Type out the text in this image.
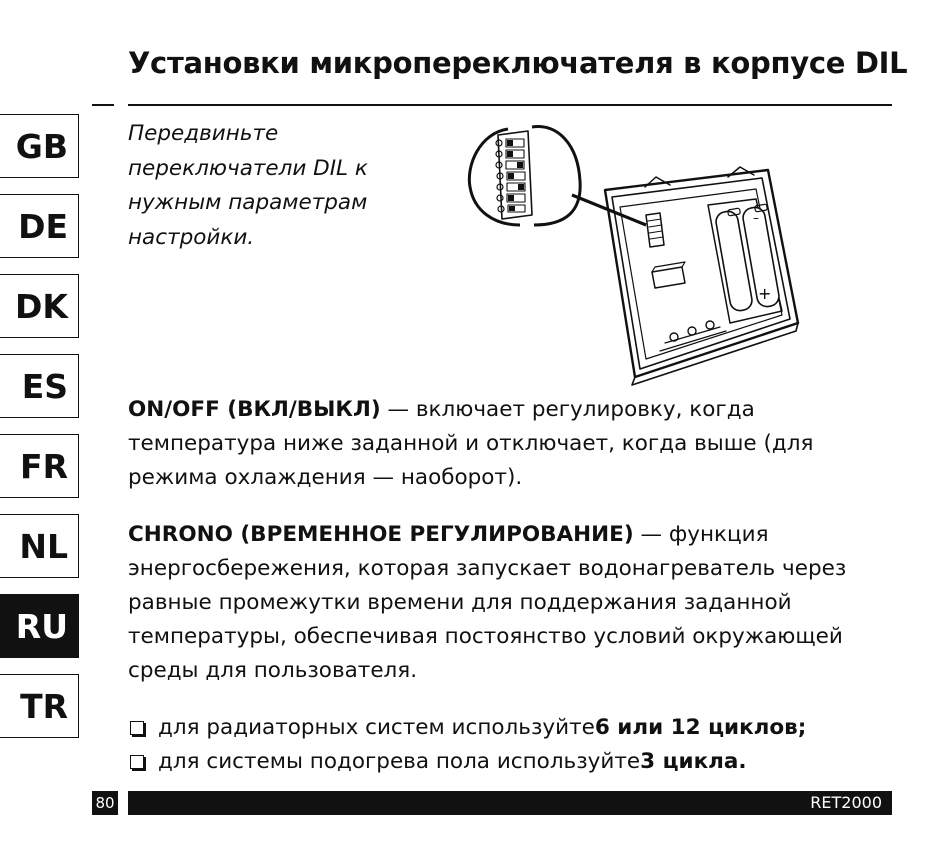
Установки микропереключателя в корпусе DIL
GB
DE
DK
ES
FR
NL
RU
TR
Передвиньте переключатели DIL к нужным параметрам настройки.
–
+
ON/OFF (ВКЛ/ВЫКЛ) — включает регулировку, когда температура ниже заданной и отключает, когда выше (для режима охлаждения — наоборот).
CHRONO (ВРЕМЕННОЕ РЕГУЛИРОВАНИЕ) — функция энергосбережения, которая запускает водонагреватель через равные промежутки времени для поддержания заданной температуры, обеспечивая постоянство условий окружающей среды для пользователя.
для радиаторных систем используйте 6 или 12 циклов;
для системы подогрева пола используйте 3 цикла.
80	RET2000
